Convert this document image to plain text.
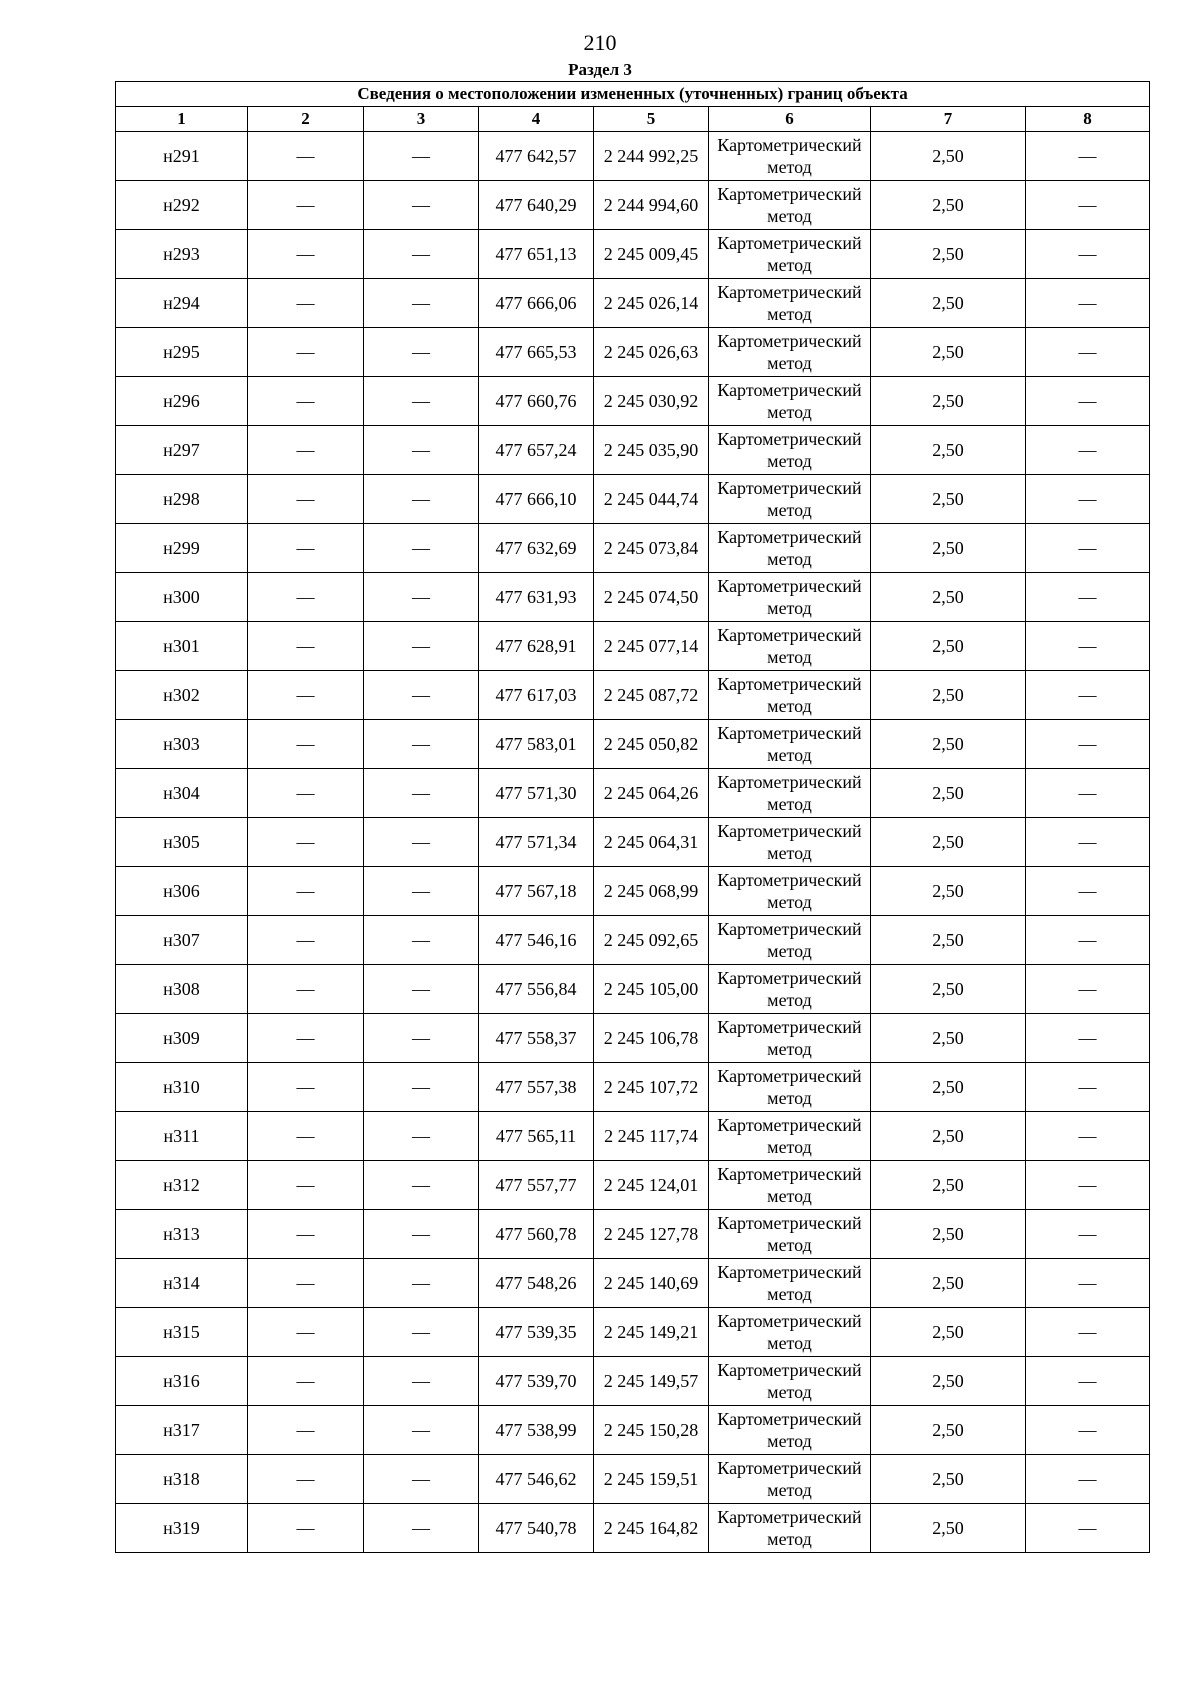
210
Раздел 3
Сведения о местоположении измененных (уточненных) границ объекта							
1	2	3	4	5	6	7	8
н291	—	—	477 642,57	2 244 992,25	Картометрический метод	2,50	—
н292	—	—	477 640,29	2 244 994,60	Картометрический метод	2,50	—
н293	—	—	477 651,13	2 245 009,45	Картометрический метод	2,50	—
н294	—	—	477 666,06	2 245 026,14	Картометрический метод	2,50	—
н295	—	—	477 665,53	2 245 026,63	Картометрический метод	2,50	—
н296	—	—	477 660,76	2 245 030,92	Картометрический метод	2,50	—
н297	—	—	477 657,24	2 245 035,90	Картометрический метод	2,50	—
н298	—	—	477 666,10	2 245 044,74	Картометрический метод	2,50	—
н299	—	—	477 632,69	2 245 073,84	Картометрический метод	2,50	—
н300	—	—	477 631,93	2 245 074,50	Картометрический метод	2,50	—
н301	—	—	477 628,91	2 245 077,14	Картометрический метод	2,50	—
н302	—	—	477 617,03	2 245 087,72	Картометрический метод	2,50	—
н303	—	—	477 583,01	2 245 050,82	Картометрический метод	2,50	—
н304	—	—	477 571,30	2 245 064,26	Картометрический метод	2,50	—
н305	—	—	477 571,34	2 245 064,31	Картометрический метод	2,50	—
н306	—	—	477 567,18	2 245 068,99	Картометрический метод	2,50	—
н307	—	—	477 546,16	2 245 092,65	Картометрический метод	2,50	—
н308	—	—	477 556,84	2 245 105,00	Картометрический метод	2,50	—
н309	—	—	477 558,37	2 245 106,78	Картометрический метод	2,50	—
н310	—	—	477 557,38	2 245 107,72	Картометрический метод	2,50	—
н311	—	—	477 565,11	2 245 117,74	Картометрический метод	2,50	—
н312	—	—	477 557,77	2 245 124,01	Картометрический метод	2,50	—
н313	—	—	477 560,78	2 245 127,78	Картометрический метод	2,50	—
н314	—	—	477 548,26	2 245 140,69	Картометрический метод	2,50	—
н315	—	—	477 539,35	2 245 149,21	Картометрический метод	2,50	—
н316	—	—	477 539,70	2 245 149,57	Картометрический метод	2,50	—
н317	—	—	477 538,99	2 245 150,28	Картометрический метод	2,50	—
н318	—	—	477 546,62	2 245 159,51	Картометрический метод	2,50	—
н319	—	—	477 540,78	2 245 164,82	Картометрический метод	2,50	—
